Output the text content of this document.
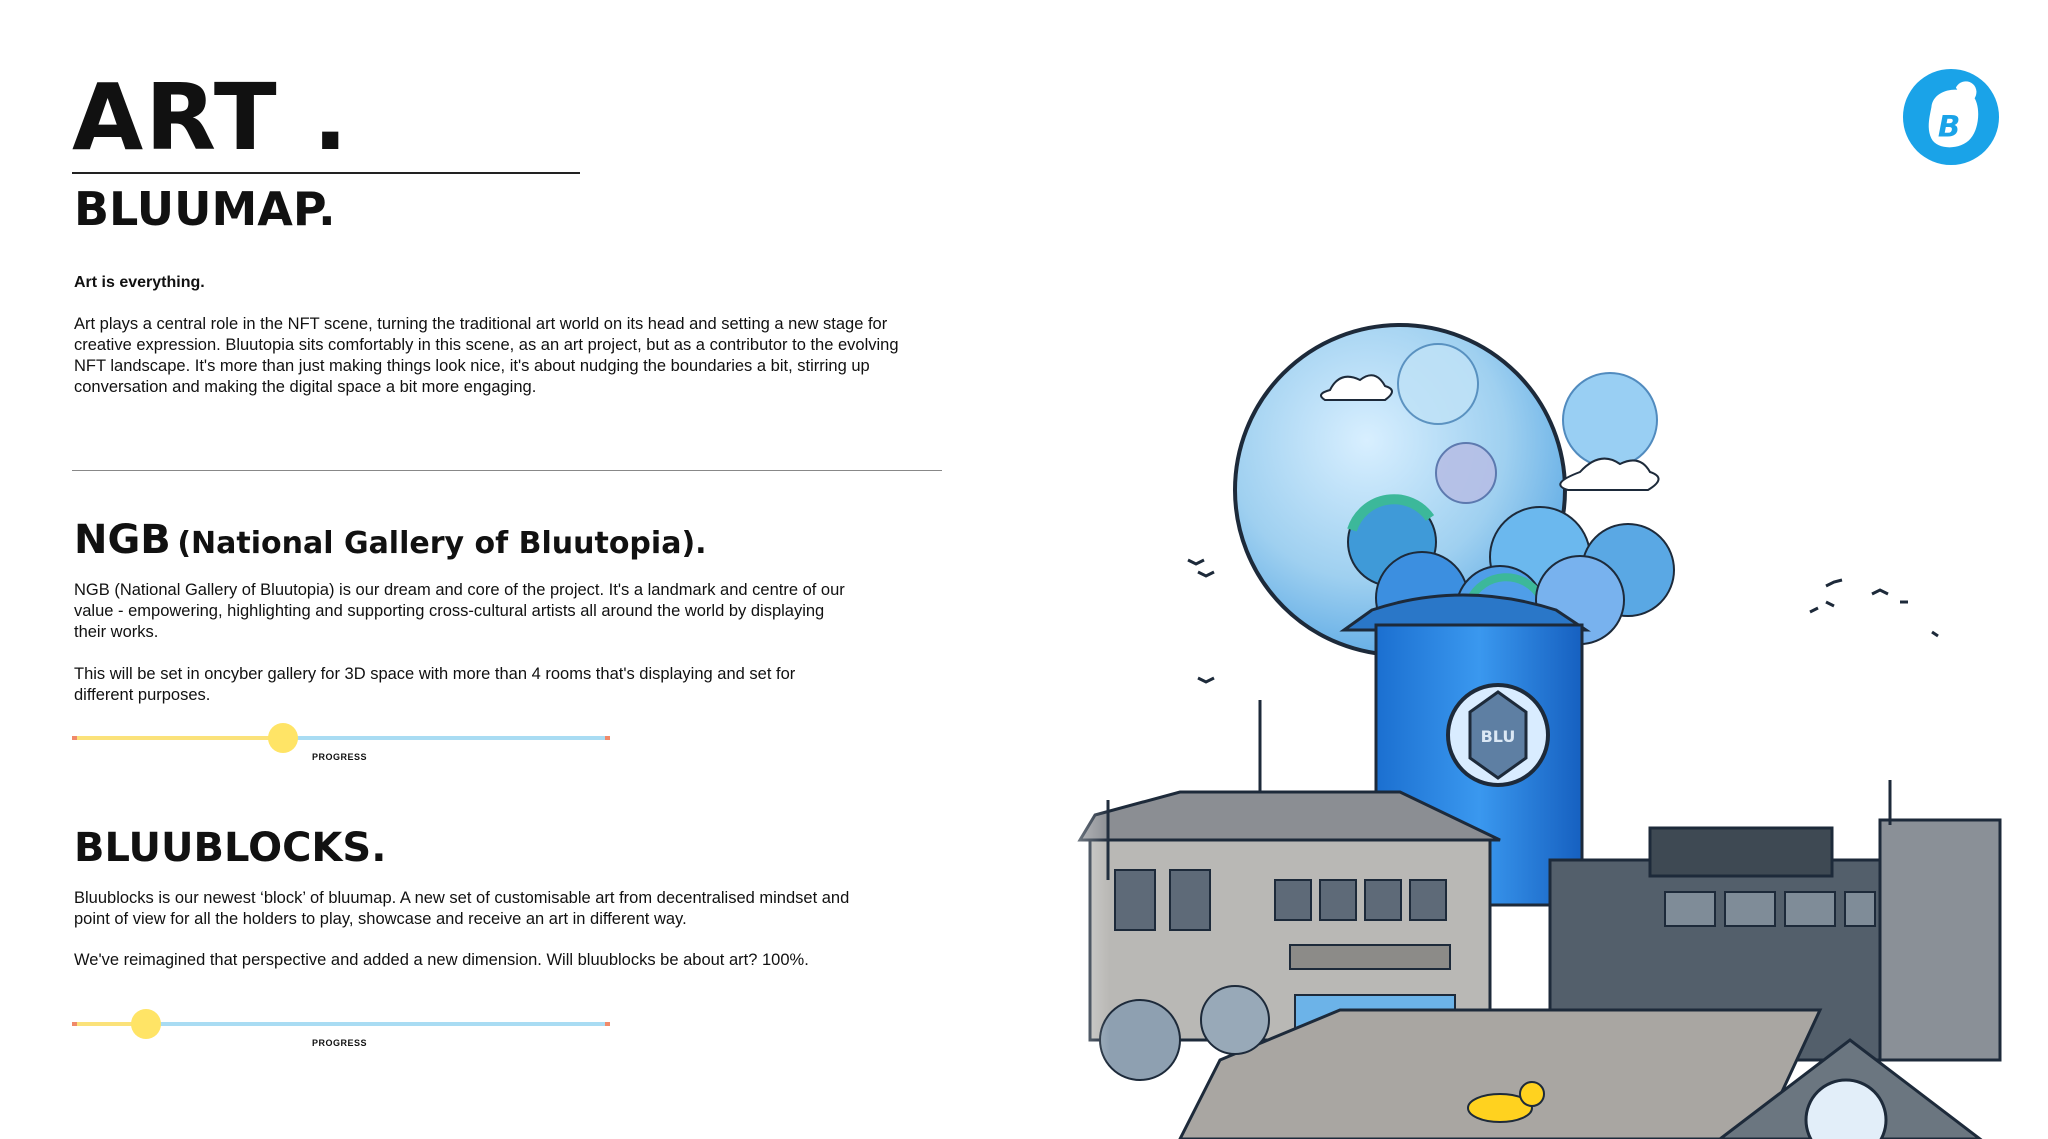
ART .
BLUUMAP.

Art is everything.

Art plays a central role in the NFT scene, turning the traditional art world on its head and setting a new stage for creative expression. Bluutopia sits comfortably in this scene, as an art project, but as a contributor to the evolving NFT landscape. It's more than just making things look nice, it's about nudging the boundaries a bit, stirring up conversation and making the digital space a bit more engaging.

NGB (National Gallery of Bluutopia).

NGB (National Gallery of Bluutopia) is our dream and core of the project. It's a landmark and centre of our value - empowering, highlighting and supporting cross-cultural artists all around the world by displaying their works.

This will be set in oncyber gallery for 3D space with more than 4 rooms that's displaying and set for different purposes.

PROGRESS
BLUUBLOCKS.

Bluublocks is our newest ‘block’ of bluumap. A new set of customisable art from decentralised mindset and point of view for all the holders to play, showcase and receive an art in different way.

We've reimagined that perspective and added a new dimension. Will bluublocks be about art? 100%.

PROGRESS
B
BLU
